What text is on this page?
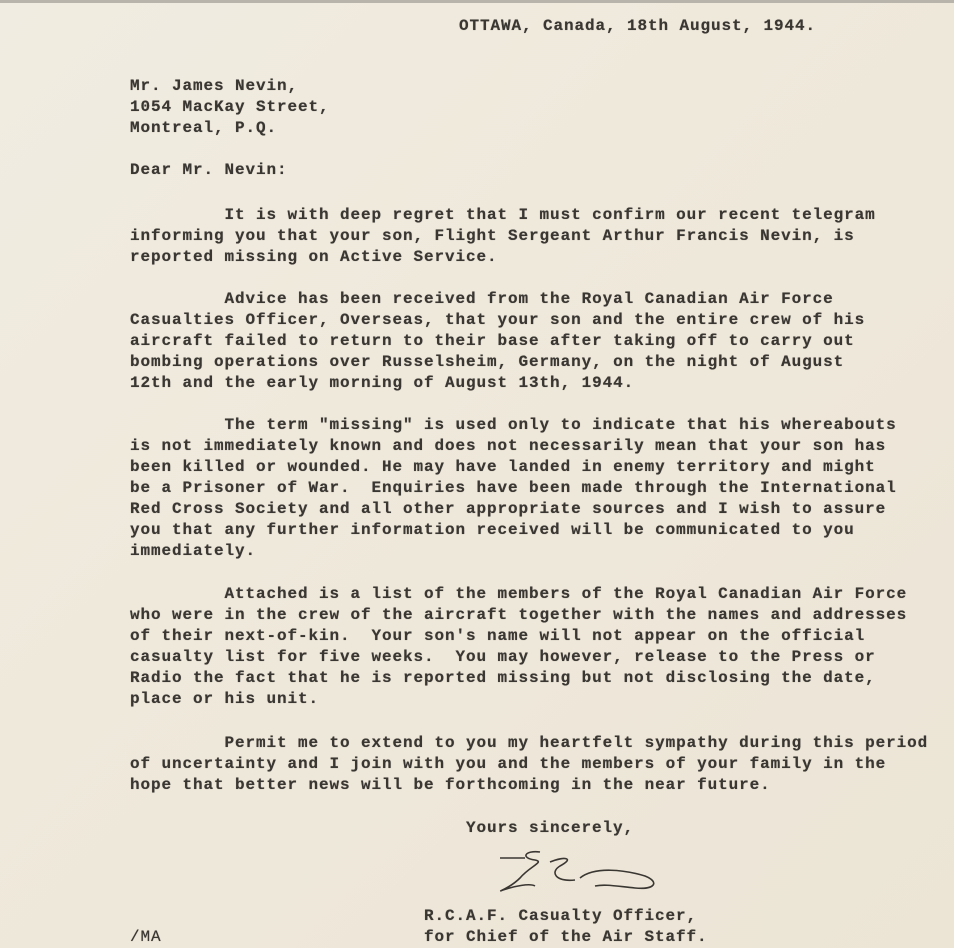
OTTAWA, Canada, 18th August, 1944.
Mr. James Nevin,
1054 MacKay Street,
Montreal, P.Q.
Dear Mr. Nevin:
It is with deep regret that I must confirm our recent telegram
informing you that your son, Flight Sergeant Arthur Francis Nevin, is
reported missing on Active Service.
Advice has been received from the Royal Canadian Air Force
Casualties Officer, Overseas, that your son and the entire crew of his
aircraft failed to return to their base after taking off to carry out
bombing operations over Russelsheim, Germany, on the night of August
12th and the early morning of August 13th, 1944.
The term "missing" is used only to indicate that his whereabouts
is not immediately known and does not necessarily mean that your son has
been killed or wounded. He may have landed in enemy territory and might
be a Prisoner of War.  Enquiries have been made through the International
Red Cross Society and all other appropriate sources and I wish to assure
you that any further information received will be communicated to you
immediately.
Attached is a list of the members of the Royal Canadian Air Force
who were in the crew of the aircraft together with the names and addresses
of their next-of-kin.  Your son's name will not appear on the official
casualty list for five weeks.  You may however, release to the Press or
Radio the fact that he is reported missing but not disclosing the date,
place or his unit.
Permit me to extend to you my heartfelt sympathy during this period
of uncertainty and I join with you and the members of your family in the
hope that better news will be forthcoming in the near future.
Yours sincerely,
R.C.A.F. Casualty Officer,
for Chief of the Air Staff.
/MA
